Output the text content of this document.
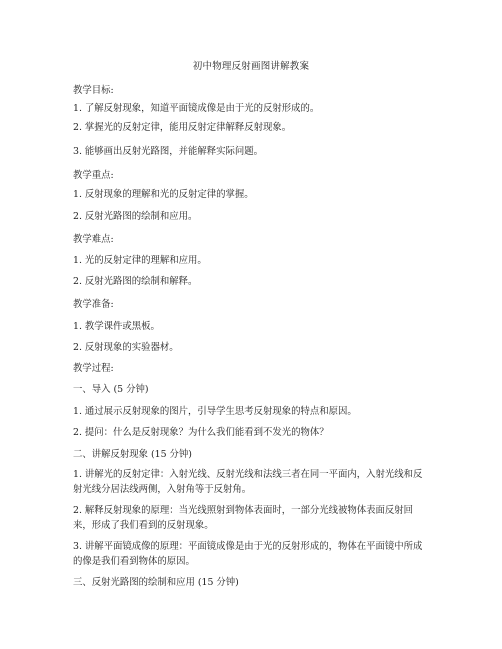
初中物理反射画图讲解教案
教学目标:
1. 了解反射现象，知道平面镜成像是由于光的反射形成的。
2. 掌握光的反射定律，能用反射定律解释反射现象。
3. 能够画出反射光路图，并能解释实际问题。
教学重点:
1. 反射现象的理解和光的反射定律的掌握。
2. 反射光路图的绘制和应用。
教学难点:
1. 光的反射定律的理解和应用。
2. 反射光路图的绘制和解释。
教学准备:
1. 教学课件或黑板。
2. 反射现象的实验器材。
教学过程:
一、导入 (5 分钟)
1. 通过展示反射现象的图片，引导学生思考反射现象的特点和原因。
2. 提问：什么是反射现象？为什么我们能看到不发光的物体？
二、讲解反射现象 (15 分钟)
1. 讲解光的反射定律：入射光线、反射光线和法线三者在同一平面内，入射光线和反射光线分居法线两侧，入射角等于反射角。
2. 解释反射现象的原理：当光线照射到物体表面时，一部分光线被物体表面反射回来，形成了我们看到的反射现象。
3. 讲解平面镜成像的原理：平面镜成像是由于光的反射形成的，物体在平面镜中所成的像是我们看到物体的原因。
三、反射光路图的绘制和应用 (15 分钟)
